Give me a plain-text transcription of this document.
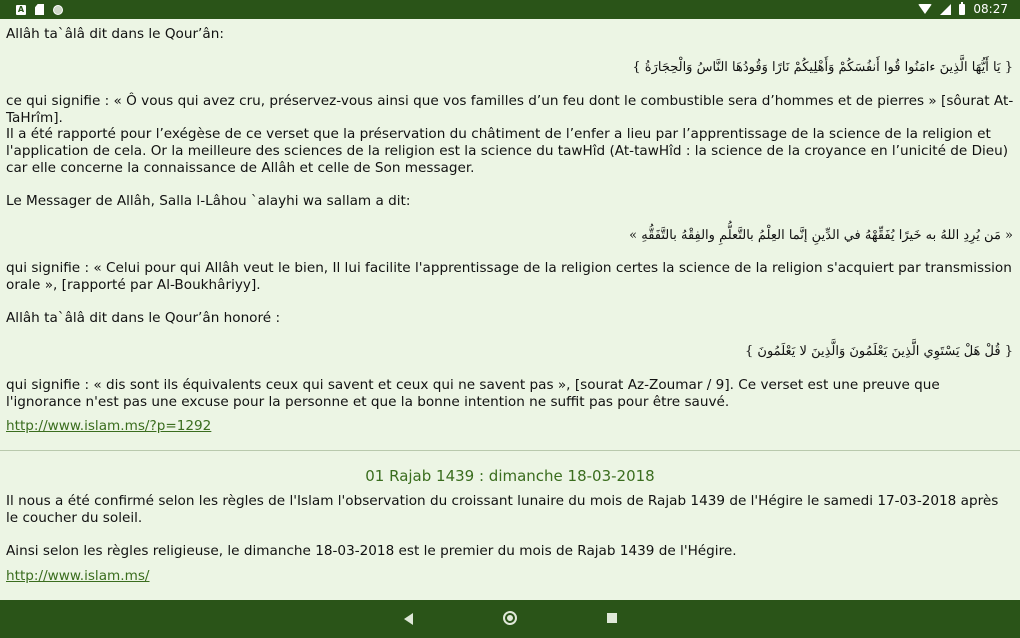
A	08:27

Allâh ta`âlâ dit dans le Qour’ân:

{ يَا أَيُّهَا الَّذِينَ ءامَنُوا قُوا أَنفُسَكُمْ وَأَهْلِيكُمْ نَارًا وَقُودُهَا النَّاسُ وَالْحِجَارَةُ }

ce qui signifie : « Ô vous qui avez cru, préservez-vous ainsi que vos familles d’un feu dont le combustible sera d’hommes et de pierres » [sôurat At-TaHrîm].

Il a été rapporté pour l’exégèse de ce verset que la préservation du châtiment de l’enfer a lieu par l’apprentissage de la science de la religion et l'application de cela. Or la meilleure des sciences de la religion est la science du tawHîd (At-tawHîd : la science de la croyance en l’unicité de Dieu) car elle concerne la connaissance de Allâh et celle de Son messager.

Le Messager de Allâh, Salla l-Lâhou `alayhi wa sallam a dit:

« مَن يُرِدِ اللهُ به خَيرًا يُفَقِّهْهُ في الدِّينِ إنَّما العِلْمُ بالتَّعلُّمِ والفِقْهُ بالتَّفَقُّهِ »

qui signifie : « Celui pour qui Allâh veut le bien, Il lui facilite l'apprentissage de la religion certes la science de la religion s'acquiert par transmission orale », [rapporté par Al-Boukhâriyy].

Allâh ta`âlâ dit dans le Qour’ân honoré :

{ قُلْ هَلْ يَسْتَوِي الَّذِينَ يَعْلَمُونَ وَالَّذِينَ لا يَعْلَمُونَ }

qui signifie : « dis sont ils équivalents ceux qui savent et ceux qui ne savent pas », [sourat Az-Zoumar / 9]. Ce verset est une preuve que l'ignorance n'est pas une excuse pour la personne et que la bonne intention ne suffit pas pour être sauvé.

http://www.islam.ms/?p=1292
01 Rajab 1439 : dimanche 18-03-2018

Il nous a été confirmé selon les règles de l'Islam l'observation du croissant lunaire du mois de Rajab 1439 de l'Hégire le samedi 17-03-2018 après le coucher du soleil.

Ainsi selon les règles religieuse, le dimanche 18-03-2018 est le premier du mois de Rajab 1439 de l'Hégire.

http://www.islam.ms/
